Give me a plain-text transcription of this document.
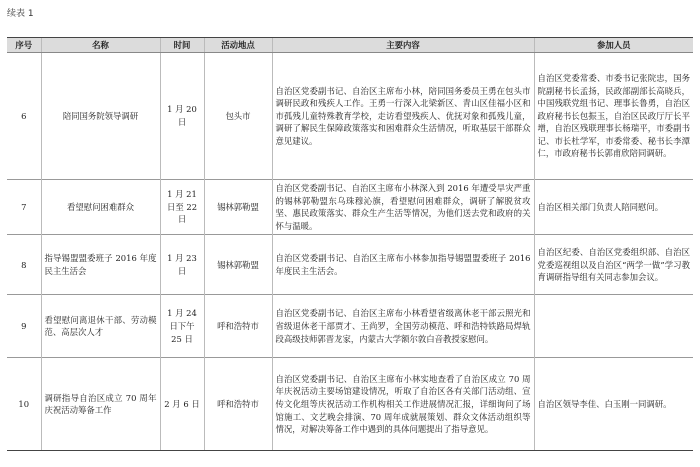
续表 1
序号	名称	时间	活动地点	主要内容	参加人员
6	陪同国务院领导调研	1 月 20 日	包头市	自治区党委副书记、自治区主席布小林，陪同国务委员王勇在包头市调研民政和残疾人工作。王勇一行深入北梁新区、青山区佳福小区和市孤残儿童特殊教育学校，走访看望残疾人、优抚对象和孤残儿童，调研了解民生保障政策落实和困难群众生活情况，听取基层干部群众意见建议。	自治区党委常委、市委书记张院忠，国务院副秘书长孟扬，民政部副部长高晓兵，中国残联党组书记、理事长鲁勇，自治区政府秘书长包振玉，自治区民政厅厅长平增，自治区残联理事长杨瑞平，市委副书记、市长杜学军，市委常委、秘书长李潭仁，市政府秘书长郭甫欣陪同调研。
7	看望慰问困难群众	1 月 21 日至 22 日	锡林郭勒盟	自治区党委副书记、自治区主席布小林深入到 2016 年遭受旱灾严重的锡林郭勒盟东乌珠穆沁旗，看望慰问困难群众，调研了解脱贫攻坚、惠民政策落实、群众生产生活等情况，为他们送去党和政府的关怀与温暖。	自治区相关部门负责人陪同慰问。
8	指导锡盟盟委班子 2016 年度民主生活会	1 月 23 日	锡林郭勒盟	自治区党委副书记、自治区主席布小林参加指导锡盟盟委班子 2016 年度民主生活会。	自治区纪委、自治区党委组织部、自治区党委巡视组以及自治区“两学一做”学习教育调研指导组有关同志参加会议。
9	看望慰问离退休干部、劳动模范、高层次人才	1 月 24 日下午 25 日	呼和浩特市	自治区党委副书记、自治区主席布小林看望省级离休老干部云照光和省级退休老干部贾才、王尚罗，全国劳动模范、呼和浩特铁路局焊轨段高级技师郭晋龙家，内蒙古大学额尔敦白音教授家慰问。	
10	调研指导自治区成立 70 周年庆祝活动筹备工作	2 月 6 日	呼和浩特市	自治区党委副书记、自治区主席布小林实地查看了自治区成立 70 周年庆祝活动主要场馆建设情况，听取了自治区各有关部门活动组、宣传文化组等庆祝活动工作机构相关工作进展情况汇报，详细询问了场馆施工、文艺晚会排演、70 周年成就展策划、群众文体活动组织等情况，对解决筹备工作中遇到的具体问题提出了指导意见。	自治区领导李佳、白玉刚一同调研。
